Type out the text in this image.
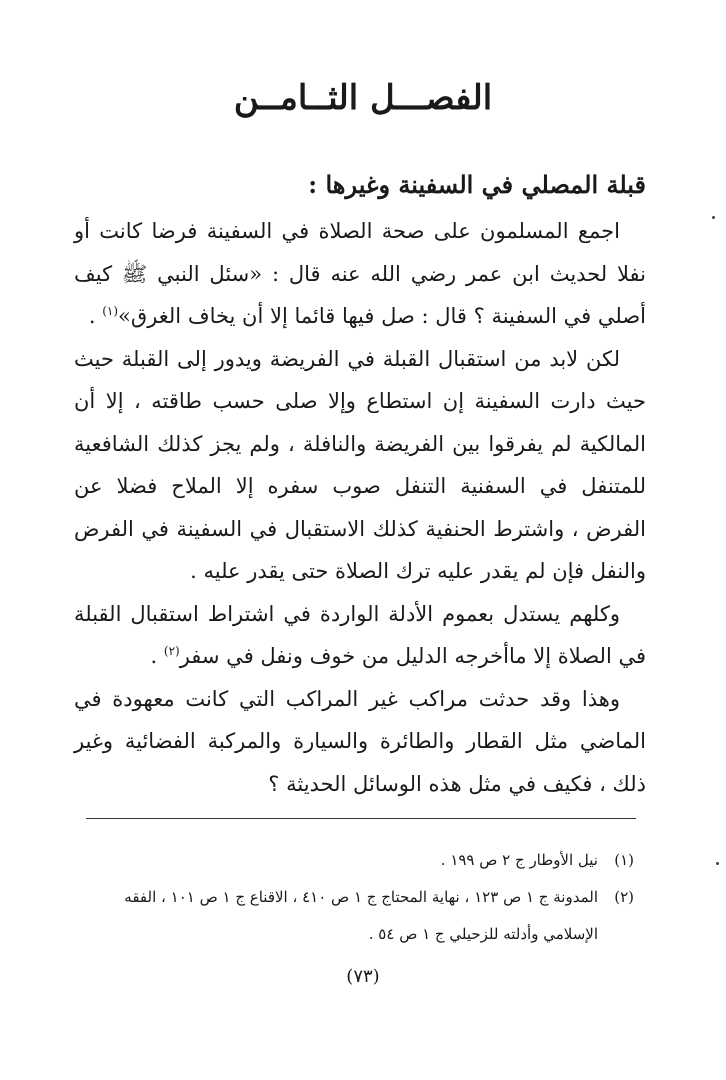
الفصـــل الثــامــن
قبلة المصلي في السفينة وغيرها :

اجمع المسلمون على صحة الصلاة في السفينة فرضا كانت أو نفلا لحديث ابن عمر رضي الله عنه قال : «سئل النبي ﷺ كيف أصلي في السفينة ؟ قال : صل فيها قائما إلا أن يخاف الغرق»$^{(١)}$ .

لكن لابد من استقبال القبلة في الفريضة ويدور إلى القبلة حيث حيث دارت السفينة إن استطاع وإلا صلى حسب طاقته ، إلا أن المالكية لم يفرقوا بين الفريضة والنافلة ، ولم يجز كذلك الشافعية للمتنفل في السفنية التنفل صوب سفره إلا الملاح فضلا عن الفرض ، واشترط الحنفية كذلك الاستقبال في السفينة في الفرض والنفل فإن لم يقدر عليه ترك الصلاة حتى يقدر عليه .

وكلهم يستدل بعموم الأدلة الواردة في اشتراط استقبال القبلة في الصلاة إلا ماأخرجه الدليل من خوف ونفل في سفر$^{(٢)}$ .

وهذا وقد حدثت مراكب غير المراكب التي كانت معهودة في الماضي مثل القطار والطائرة والسيارة والمركبة الفضائية وغير ذلك ، فكيف في مثل هذه الوسائل الحديثة ؟

(١)
نيل الأوطار ج ٢ ص ١٩٩ .
(٢)
المدونة ج ١ ص ١٢٣ ، نهاية المحتاج ج ١ ص ٤١٠ ، الاقناع ج ١ ص ١٠١ ، الفقه الإسلامي وأدلته للزحيلي ج ١ ص ٥٤ .
(٧٣)
